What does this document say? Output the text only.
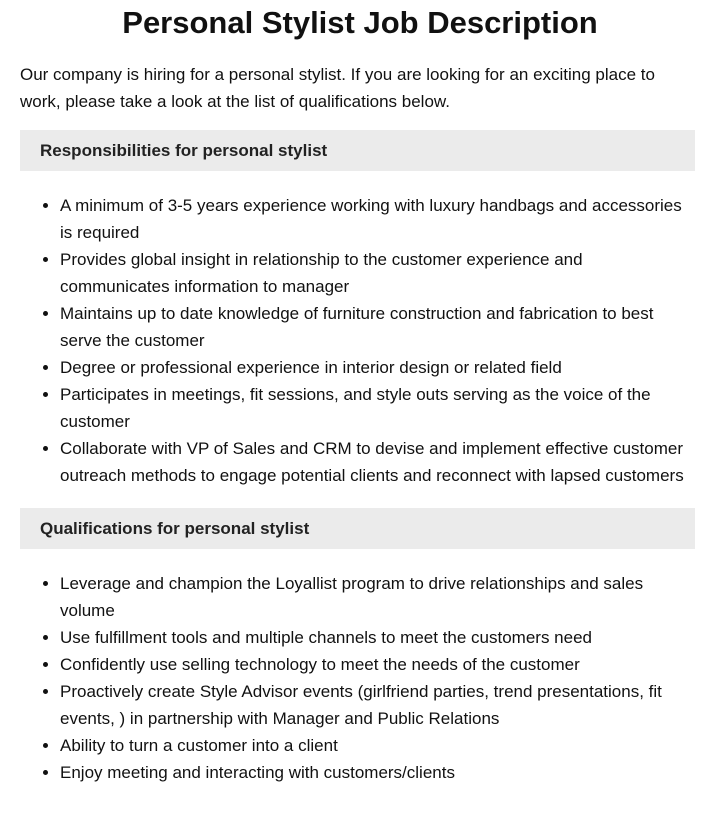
Personal Stylist Job Description

Our company is hiring for a personal stylist. If you are looking for an exciting place to work, please take a look at the list of qualifications below.

Responsibilities for personal stylist
• A minimum of 3-5 years experience working with luxury handbags and accessories is required
• Provides global insight in relationship to the customer experience and communicates information to manager
• Maintains up to date knowledge of furniture construction and fabrication to best serve the customer
• Degree or professional experience in interior design or related field
• Participates in meetings, fit sessions, and style outs serving as the voice of the customer
• Collaborate with VP of Sales and CRM to devise and implement effective customer outreach methods to engage potential clients and reconnect with lapsed customers
Qualifications for personal stylist
• Leverage and champion the Loyallist program to drive relationships and sales volume
• Use fulfillment tools and multiple channels to meet the customers need
• Confidently use selling technology to meet the needs of the customer
• Proactively create Style Advisor events (girlfriend parties, trend presentations, fit events, ) in partnership with Manager and Public Relations
• Ability to turn a customer into a client
• Enjoy meeting and interacting with customers/clients
